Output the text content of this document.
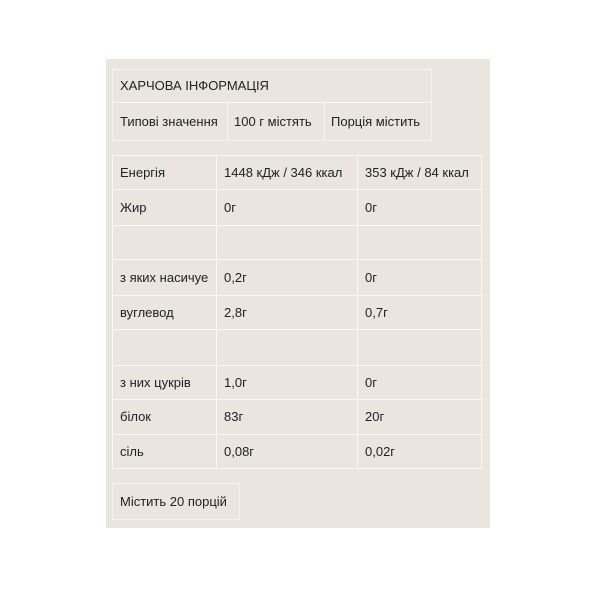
ХАРЧОВА ІНФОРМАЦІЯ
Типові значення	100 г містять	Порція містить
Енергія	1448 кДж / 346 ккал	353 кДж / 84 ккал
Жир	0г	0г
з яких насичуе	0,2г	0г
вуглевод	2,8г	0,7г
з них цукрів	1,0г	0г
білок	83г	20г
сіль	0,08г	0,02г
Містить 20 порцій
